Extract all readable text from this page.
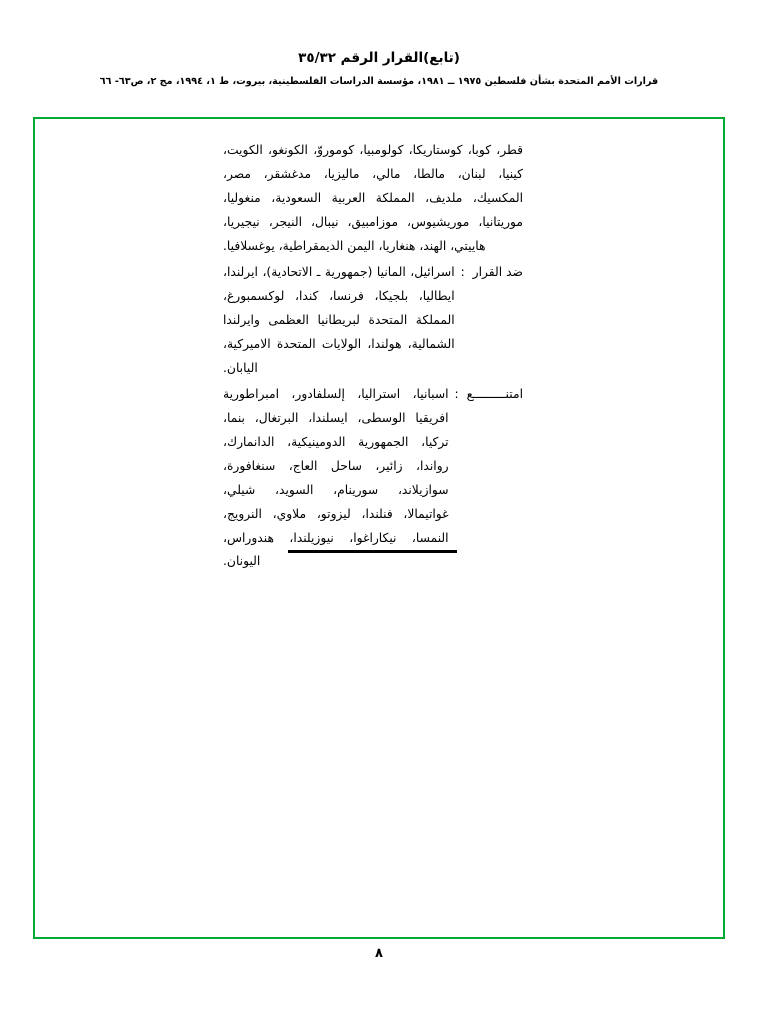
(تابع)القرار الرقم ٣٥/٣٢
قرارات الأمم المتحدة بشأن فلسطين ١٩٧٥ ــ ١٩٨١، مؤسسة الدراسات الفلسطينية، بيروت، ط ١، ١٩٩٤، مج ٢، ص٦٣- ٦٦

قطر، كوبا، كوستاريكا، كولومبيا، كوموروّ، الكونغو، الكويت، كينيا، لبنان، مالطا، مالي، ماليزيا، مدغشقر، مصر، المكسيك، ملديف، المملكة العربية السعودية، منغوليا، موريتانيا، موريشيوس، موزامبيق، نيبال، النيجر، نيجيريا، هاييتي، الهند، هنغاريا، اليمن الديمقراطية، يوغسلافيا.

ضد القرار
:
اسرائيل، المانيا (جمهورية ـ الاتحادية)، ايرلندا، ايطاليا، بلجيكا، فرنسا، كندا، لوكسمبورغ، المملكة المتحدة لبريطانيا العظمى وايرلندا الشمالية، هولندا، الولايات المتحدة الاميركية، اليابان.
امتنـــــــــع
:
اسبانيا، استراليا، إلسلفادور، امبراطورية افريقيا الوسطى، ايسلندا، البرتغال، بنما، تركيا، الجمهورية الدومينيكية، الدانمارك، رواندا، زائير، ساحل العاج، سنغافورة، سوازيلاند، سورينام، السويد، شيلي، غواتيمالا، فنلندا، ليزوتو، ملاوي، النرويج، النمسا، نيكاراغوا، نيوزيلندا، هندوراس، اليونان.
٨
